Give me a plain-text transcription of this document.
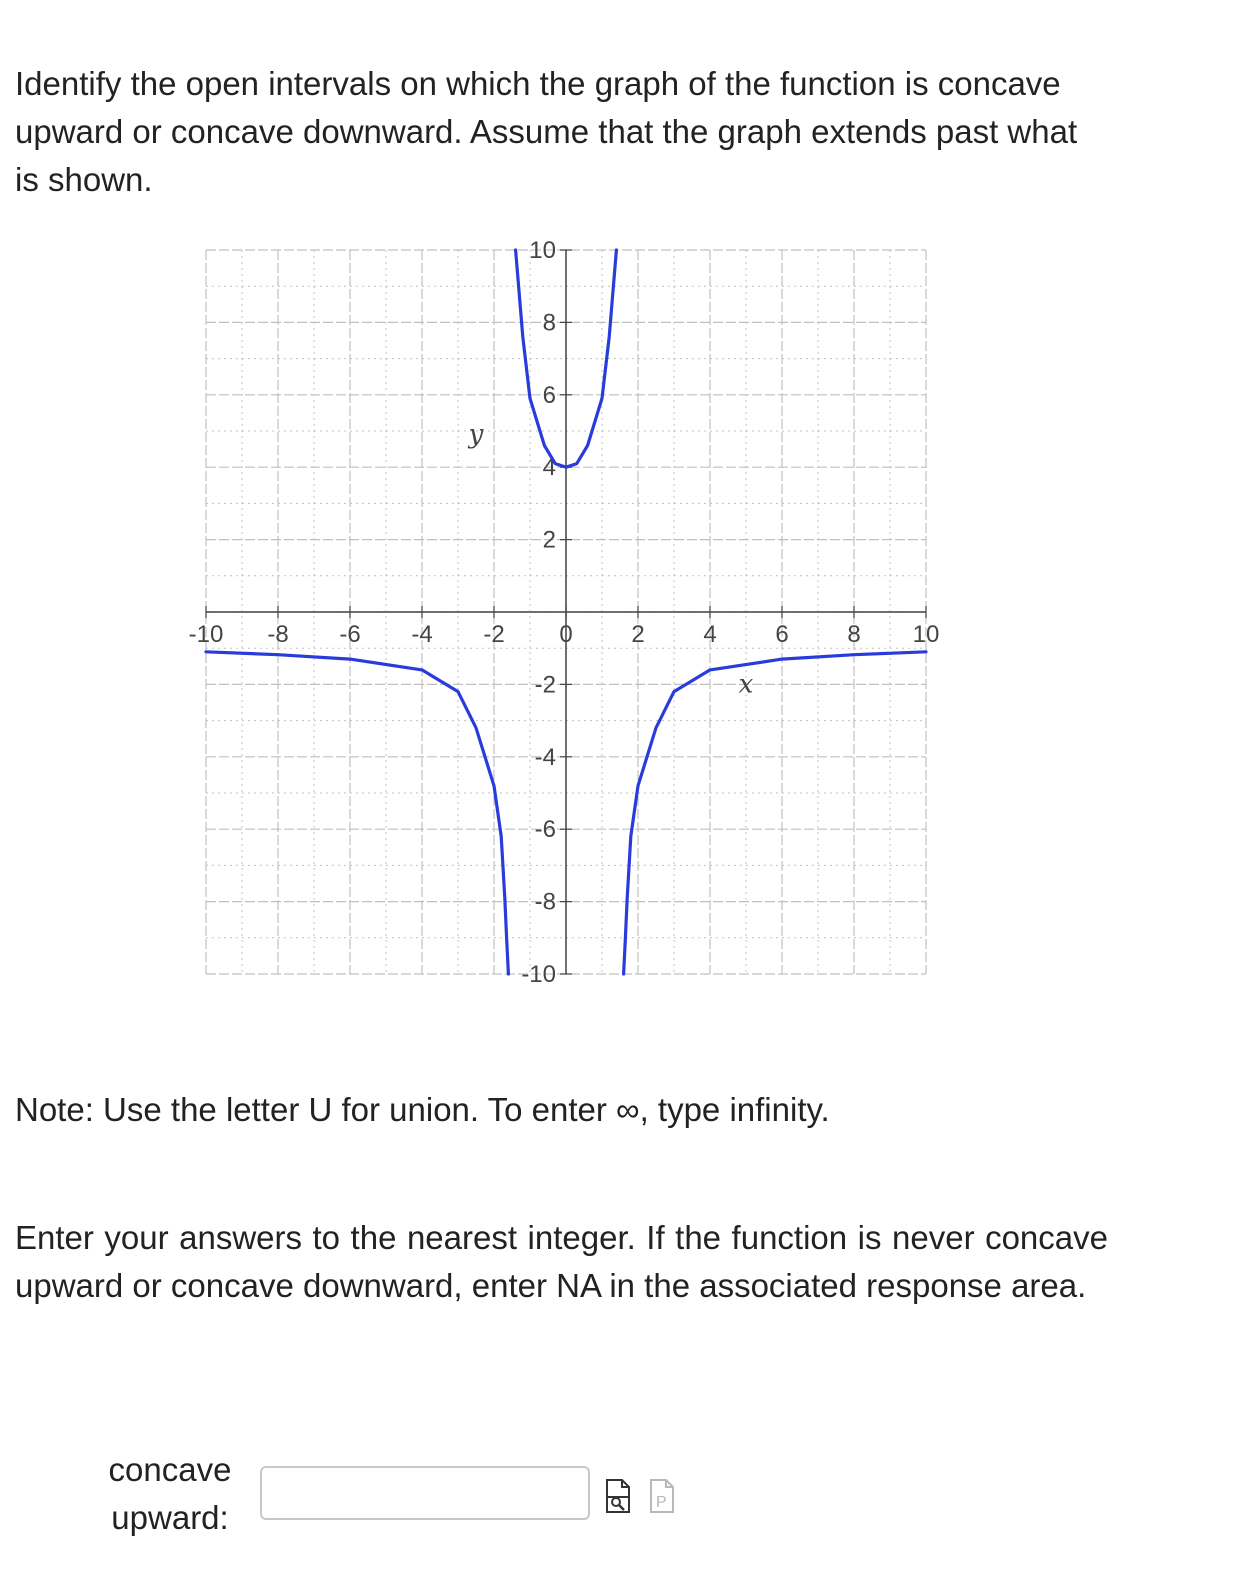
Identify the open intervals on which the graph of the function is concave upward or concave downward. Assume that the graph extends past what is shown.

-10 -8 -6 -4 -2 0 2 4 6 8 10
10
8
6
4
2
-2
-4
-6
-8
-10
x
y

Note: Use the letter U for union. To enter ∞, type infinity.

Enter your answers to the nearest integer. If the function is never concave upward or concave downward, enter NA in the associated response area.

concave
upward:	P
